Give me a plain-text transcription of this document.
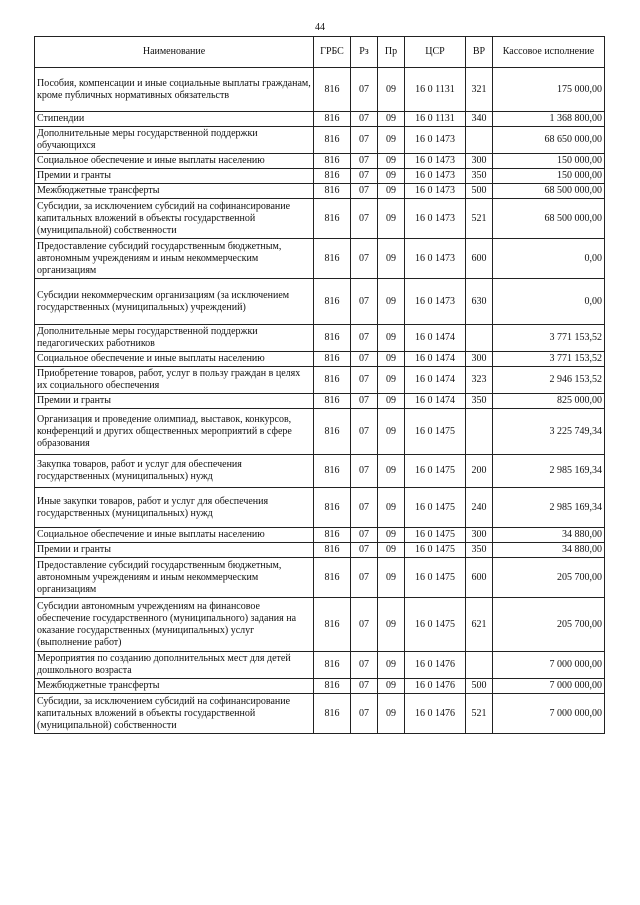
44
Наименование	ГРБС	Рз	Пр	ЦСР	ВР	Кассовое исполнение
Пособия, компенсации и иные социальные выплаты гражданам, кроме публичных нормативных обязательств	816	07	09	16 0 1131	321	175 000,00
Стипендии	816	07	09	16 0 1131	340	1 368 800,00
Дополнительные меры государственной поддержки обучающихся	816	07	09	16 0 1473		68 650 000,00
Социальное обеспечение и иные выплаты населению	816	07	09	16 0 1473	300	150 000,00
Премии и гранты	816	07	09	16 0 1473	350	150 000,00
Межбюджетные трансферты	816	07	09	16 0 1473	500	68 500 000,00
Субсидии, за исключением субсидий на софинансирование капитальных вложений в объекты государственной (муниципальной) собственности	816	07	09	16 0 1473	521	68 500 000,00
Предоставление субсидий государственным бюджетным, автономным учреждениям и иным некоммерческим организациям	816	07	09	16 0 1473	600	0,00
Субсидии некоммерческим организациям (за исключением государственных (муниципальных) учреждений)	816	07	09	16 0 1473	630	0,00
Дополнительные меры государственной поддержки педагогических работников	816	07	09	16 0 1474		3 771 153,52
Социальное обеспечение и иные выплаты населению	816	07	09	16 0 1474	300	3 771 153,52
Приобретение товаров, работ, услуг в пользу граждан в целях их социального обеспечения	816	07	09	16 0 1474	323	2 946 153,52
Премии и гранты	816	07	09	16 0 1474	350	825 000,00
Организация и проведение олимпиад, выставок, конкурсов, конференций и других общественных мероприятий в сфере образования	816	07	09	16 0 1475		3 225 749,34
Закупка товаров, работ и услуг для обеспечения государственных (муниципальных) нужд	816	07	09	16 0 1475	200	2 985 169,34
Иные закупки товаров, работ и услуг для обеспечения государственных (муниципальных) нужд	816	07	09	16 0 1475	240	2 985 169,34
Социальное обеспечение и иные выплаты населению	816	07	09	16 0 1475	300	34 880,00
Премии и гранты	816	07	09	16 0 1475	350	34 880,00
Предоставление субсидий государственным бюджетным, автономным учреждениям и иным некоммерческим организациям	816	07	09	16 0 1475	600	205 700,00
Субсидии автономным учреждениям на финансовое обеспечение государственного (муниципального) задания на оказание государственных (муниципальных) услуг (выполнение работ)	816	07	09	16 0 1475	621	205 700,00
Мероприятия по созданию дополнительных мест для детей дошкольного возраста	816	07	09	16 0 1476		7 000 000,00
Межбюджетные трансферты	816	07	09	16 0 1476	500	7 000 000,00
Субсидии, за исключением субсидий на софинансирование капитальных вложений в объекты государственной (муниципальной) собственности	816	07	09	16 0 1476	521	7 000 000,00
